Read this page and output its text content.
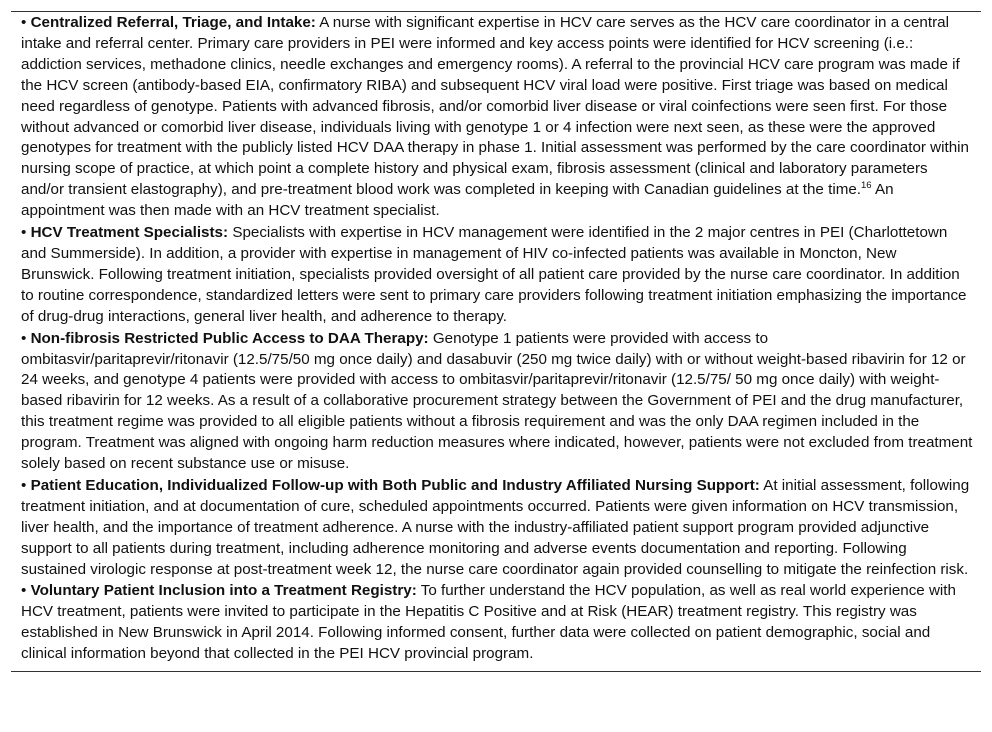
• Centralized Referral, Triage, and Intake: A nurse with significant expertise in HCV care serves as the HCV care coordinator in a central intake and referral center. Primary care providers in PEI were informed and key access points were identified for HCV screening (i.e.: addiction services, methadone clinics, needle exchanges and emergency rooms). A referral to the provincial HCV care program was made if the HCV screen (antibody-based EIA, confirmatory RIBA) and subsequent HCV viral load were positive. First triage was based on medical need regardless of genotype. Patients with advanced fibrosis, and/or comorbid liver disease or viral coinfections were seen first. For those without advanced or comorbid liver disease, individuals living with genotype 1 or 4 infection were next seen, as these were the approved genotypes for treatment with the publicly listed HCV DAA therapy in phase 1. Initial assessment was performed by the care coordinator within nursing scope of practice, at which point a complete history and physical exam, fibrosis assessment (clinical and laboratory parameters and/or transient elastography), and pre-treatment blood work was completed in keeping with Canadian guidelines at the time.$^{16}$ An appointment was then made with an HCV treatment specialist.

• HCV Treatment Specialists: Specialists with expertise in HCV management were identified in the 2 major centres in PEI (Charlottetown and Summerside). In addition, a provider with expertise in management of HIV co-infected patients was available in Moncton, New Brunswick. Following treatment initiation, specialists provided oversight of all patient care provided by the nurse care coordinator. In addition to routine correspondence, standardized letters were sent to primary care providers following treatment initiation emphasizing the importance of drug-drug interactions, general liver health, and adherence to therapy.

• Non-fibrosis Restricted Public Access to DAA Therapy: Genotype 1 patients were provided with access to ombitasvir/paritaprevir/ritonavir (12.5/75/50 mg once daily) and dasabuvir (250 mg twice daily) with or without weight-based ribavirin for 12 or 24 weeks, and genotype 4 patients were provided with access to ombitasvir/paritaprevir/ritonavir (12.5/75/ 50 mg once daily) with weight-based ribavirin for 12 weeks. As a result of a collaborative procurement strategy between the Government of PEI and the drug manufacturer, this treatment regime was provided to all eligible patients without a fibrosis requirement and was the only DAA regimen included in the program. Treatment was aligned with ongoing harm reduction measures where indicated, however, patients were not excluded from treatment solely based on recent substance use or misuse.

• Patient Education, Individualized Follow-up with Both Public and Industry Affiliated Nursing Support: At initial assessment, following treatment initiation, and at documentation of cure, scheduled appointments occurred. Patients were given information on HCV transmission, liver health, and the importance of treatment adherence. A nurse with the industry-affiliated patient support program provided adjunctive support to all patients during treatment, including adherence monitoring and adverse events documentation and reporting. Following sustained virologic response at post-treatment week 12, the nurse care coordinator again provided counselling to mitigate the reinfection risk.

• Voluntary Patient Inclusion into a Treatment Registry: To further understand the HCV population, as well as real world experience with HCV treatment, patients were invited to participate in the Hepatitis C Positive and at Risk (HEAR) treatment registry. This registry was established in New Brunswick in April 2014. Following informed consent, further data were collected on patient demographic, social and clinical information beyond that collected in the PEI HCV provincial program.
